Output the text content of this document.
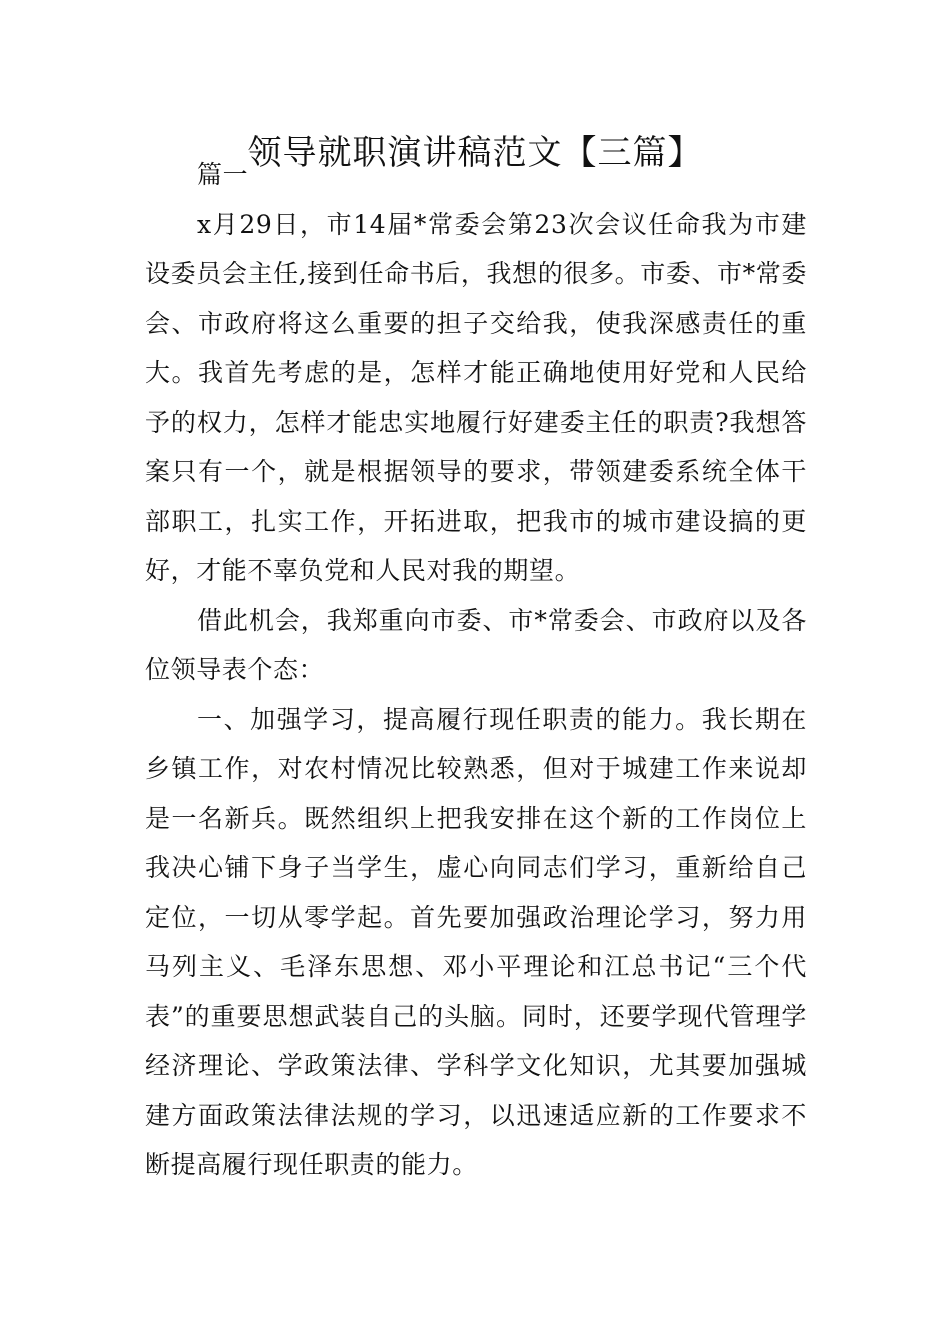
领导就职演讲稿范文【三篇】

篇一

x月29日，市14届*常委会第23次会议任命我为市建设委员会主任,接到任命书后，我想的很多。市委、市*常委会、市政府将这么重要的担子交给我，使我深感责任的重大。我首先考虑的是，怎样才能正确地使用好党和人民给予的权力，怎样才能忠实地履行好建委主任的职责?我想答案只有一个，就是根据领导的要求，带领建委系统全体干部职工，扎实工作，开拓进取，把我市的城市建设搞的更好，才能不辜负党和人民对我的期望。

借此机会，我郑重向市委、市*常委会、市政府以及各位领导表个态：

一、加强学习，提高履行现任职责的能力。我长期在乡镇工作，对农村情况比较熟悉，但对于城建工作来说却是一名新兵。既然组织上把我安排在这个新的工作岗位上我决心铺下身子当学生，虚心向同志们学习，重新给自己定位，一切从零学起。首先要加强政治理论学习，努力用马列主义、毛泽东思想、邓小平理论和江总书记“三个代表”的重要思想武装自己的头脑。同时，还要学现代管理学经济理论、学政策法律、学科学文化知识，尤其要加强城建方面政策法律法规的学习，以迅速适应新的工作要求不断提高履行现任职责的能力。
